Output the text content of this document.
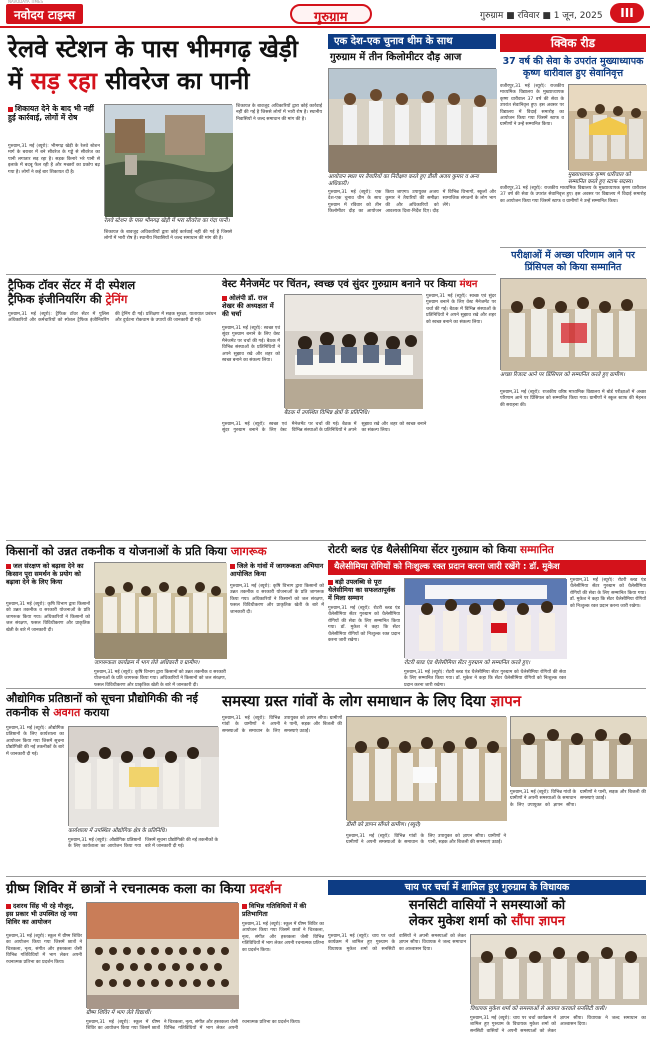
नवोदय टाइम्स
NAVODAYA TIMES
गुरुग्राम	गुरुग्राम ■ रविवार ■ 1 जून, 2025	III
रेलवे स्टेशन के पास भीमगढ़ खेड़ी
में सड़ रहा सीवरेज का पानी
शिकायत देने के बाद भी नहीं हुई कार्रवाई, लोगों में रोष
गुरुग्राम,31 मई (ब्यूरो): भीमगढ़ खेड़ी के रेलवे स्टेशन मार्ग के बराबर में बने सीवरेज के गड्ढे से सीवरेज का पानी लगातार सड़ रहा है। सड़क किनारे भरे पानी से इलाके में बदबू फैल रही है और मच्छरों का प्रकोप बढ़ गया है। लोगों ने कई बार शिकायत दी है।
रेलवे स्टेशन के पास भीमगढ़ खेड़ी में भरा सीवरेज का गंदा पानी।
शिकायत के बावजूद अधिकारियों द्वारा कोई कार्रवाई नहीं की गई है जिससे लोगों में भारी रोष है। स्थानीय निवासियों ने जल्द समाधान की मांग की है।
शिकायत के बावजूद अधिकारियों द्वारा कोई कार्रवाई नहीं की गई है जिससे लोगों में भारी रोष है। स्थानीय निवासियों ने जल्द समाधान की मांग की है।
एक देश-एक चुनाव थीम के साथ
गुरुग्राम में तीन किलोमीटर दौड़ आज
आयोजन स्थल पर तैयारियों का निरीक्षण करते हुए डीसी अजय कुमार व अन्य अधिकारी।
गुरुग्राम,31 मई (ब्यूरो): एक देश-एक चुनाव थीम के साथ गुरुग्राम में रविवार को तीन किलोमीटर दौड़ का आयोजन किया जाएगा। उपायुक्त अजय कुमार ने तैयारियों की समीक्षा की और अधिकारियों को आवश्यक दिशा-निर्देश दिए। दौड़ में विभिन्न विभागों, स्कूलों और सामाजिक संगठनों के लोग भाग लेंगे।
क्विक रीड
37 वर्ष की सेवा के उपरांत मुख्याध्यापक कृष्ण धारीवाल हुए सेवानिवृत्त
वजीरपुर,31 मई (ब्यूरो): राजकीय माध्यमिक विद्यालय के मुख्याध्यापक कृष्ण धारीवाल 37 वर्ष की सेवा के उपरांत सेवानिवृत्त हुए। इस अवसर पर विद्यालय में विदाई समारोह का आयोजन किया गया जिसमें स्टाफ व ग्रामीणों ने उन्हें सम्मानित किया।
मुख्याध्यापक कृष्ण धारीवाल को सम्मानित करते हुए स्टाफ सदस्य।
वजीरपुर,31 मई (ब्यूरो): राजकीय माध्यमिक विद्यालय के मुख्याध्यापक कृष्ण धारीवाल 37 वर्ष की सेवा के उपरांत सेवानिवृत्त हुए। इस अवसर पर विद्यालय में विदाई समारोह का आयोजन किया गया जिसमें स्टाफ व ग्रामीणों ने उन्हें सम्मानित किया।
परीक्षाओं में अच्छा परिणाम आने पर प्रिंसिपल को किया सम्मानित
अच्छा रिजल्ट आने पर प्रिंसिपल को सम्मानित करते हुए ग्रामीण।
गुरुग्राम,31 मई (ब्यूरो): राजकीय वरिष्ठ माध्यमिक विद्यालय में बोर्ड परीक्षाओं में अच्छा परिणाम आने पर प्रिंसिपल को सम्मानित किया गया। ग्रामीणों ने स्कूल स्टाफ की मेहनत की सराहना की।
ट्रैफिक टॉवर सेंटर में दी स्पेशल
ट्रैफिक इंजीनियरिंग की ट्रेनिंग
गुरुग्राम,31 मई (ब्यूरो): ट्रैफिक टॉवर सेंटर में पुलिस अधिकारियों और कर्मचारियों को स्पेशल ट्रैफिक इंजीनियरिंग की ट्रेनिंग दी गई। प्रशिक्षण में सड़क सुरक्षा, यातायात प्रबंधन और दुर्घटना रोकथाम के उपायों की जानकारी दी गई।
वेस्ट मैनेजमेंट पर चिंतन, स्वच्छ एवं सुंदर गुरुग्राम बनाने पर किया मंथन
ओलंपी डॉ. राज शेखर की अध्यक्षता में की चर्चा
गुरुग्राम,31 मई (ब्यूरो): स्वच्छ एवं सुंदर गुरुग्राम बनाने के लिए वेस्ट मैनेजमेंट पर चर्चा की गई। बैठक में विभिन्न संस्थाओं के प्रतिनिधियों ने अपने सुझाव रखे और शहर को स्वच्छ बनाने का संकल्प लिया।
गुरुग्राम,31 मई (ब्यूरो): स्वच्छ एवं सुंदर गुरुग्राम बनाने के लिए वेस्ट मैनेजमेंट पर चर्चा की गई। बैठक में विभिन्न संस्थाओं के प्रतिनिधियों ने अपने सुझाव रखे और शहर को स्वच्छ बनाने का संकल्प लिया।
बैठक में उपस्थित विभिन्न क्षेत्रों के प्रतिनिधि।
गुरुग्राम,31 मई (ब्यूरो): स्वच्छ एवं सुंदर गुरुग्राम बनाने के लिए वेस्ट मैनेजमेंट पर चर्चा की गई। बैठक में विभिन्न संस्थाओं के प्रतिनिधियों ने अपने सुझाव रखे और शहर को स्वच्छ बनाने का संकल्प लिया।
किसानों को उन्नत तकनीक व योजनाओं के प्रति किया जागरूक
जल संरक्षण को बढ़ावा देने का किसान पूरा समर्थन के प्रयोग को बढ़ावा देने के लिए किया
गुरुग्राम,31 मई (ब्यूरो): कृषि विभाग द्वारा किसानों को उन्नत तकनीक व सरकारी योजनाओं के प्रति जागरूक किया गया। अधिकारियों ने किसानों को जल संरक्षण, फसल विविधीकरण और प्राकृतिक खेती के बारे में जानकारी दी।
जागरूकता कार्यक्रम में भाग लेते अधिकारी व ग्रामीण।
गुरुग्राम,31 मई (ब्यूरो): कृषि विभाग द्वारा किसानों को उन्नत तकनीक व सरकारी योजनाओं के प्रति जागरूक किया गया। अधिकारियों ने किसानों को जल संरक्षण, फसल विविधीकरण और प्राकृतिक खेती के बारे में जानकारी दी।
जिले के गांवों में जागरूकता अभियान आयोजित किया
गुरुग्राम,31 मई (ब्यूरो): कृषि विभाग द्वारा किसानों को उन्नत तकनीक व सरकारी योजनाओं के प्रति जागरूक किया गया। अधिकारियों ने किसानों को जल संरक्षण, फसल विविधीकरण और प्राकृतिक खेती के बारे में जानकारी दी।
रोटरी ब्लड एंड थैलेसीमिया सेंटर गुरुग्राम को किया सम्मानित
थैलेसीमिया रोगियों को निःशुल्क रक्त प्रदान करना जारी रखेंगे : डॉ. मुकेश
बड़ी उपलब्धि से पूरा थैलेसीमिया का सफलतापूर्वक में मिला सम्मान
गुरुग्राम,31 मई (ब्यूरो): रोटरी ब्लड एंड थैलेसीमिया सेंटर गुरुग्राम को थैलेसीमिया रोगियों की सेवा के लिए सम्मानित किया गया। डॉ. मुकेश ने कहा कि सेंटर थैलेसीमिया रोगियों को निःशुल्क रक्त प्रदान करना जारी रखेगा।
रोटरी ब्लड एंड थैलेसीमिया सेंटर गुरुग्राम को सम्मानित करते हुए।
गुरुग्राम,31 मई (ब्यूरो): रोटरी ब्लड एंड थैलेसीमिया सेंटर गुरुग्राम को थैलेसीमिया रोगियों की सेवा के लिए सम्मानित किया गया। डॉ. मुकेश ने कहा कि सेंटर थैलेसीमिया रोगियों को निःशुल्क रक्त प्रदान करना जारी रखेगा।
गुरुग्राम,31 मई (ब्यूरो): रोटरी ब्लड एंड थैलेसीमिया सेंटर गुरुग्राम को थैलेसीमिया रोगियों की सेवा के लिए सम्मानित किया गया। डॉ. मुकेश ने कहा कि सेंटर थैलेसीमिया रोगियों को निःशुल्क रक्त प्रदान करना जारी रखेगा।
औद्योगिक प्रतिष्ठानों को सूचना प्रौद्योगिकी की नई तकनीक से अवगत कराया
गुरुग्राम,31 मई (ब्यूरो): औद्योगिक प्रतिष्ठानों के लिए कार्यशाला का आयोजन किया गया जिसमें सूचना प्रौद्योगिकी की नई तकनीकों के बारे में जानकारी दी गई।
कार्यशाला में उपस्थित औद्योगिक क्षेत्र के प्रतिनिधि।
गुरुग्राम,31 मई (ब्यूरो): औद्योगिक प्रतिष्ठानों के लिए कार्यशाला का आयोजन किया गया जिसमें सूचना प्रौद्योगिकी की नई तकनीकों के बारे में जानकारी दी गई।
समस्या ग्रस्त गांवों के लोग समाधान के लिए दिया ज्ञापन
गुरुग्राम,31 मई (ब्यूरो): विभिन्न गांवों के ग्रामीणों ने अपनी समस्याओं के समाधान के लिए उपायुक्त को ज्ञापन सौंपा। ग्रामीणों ने पानी, सड़क और बिजली की समस्याएं उठाईं।
डीसी को ज्ञापन सौंपते ग्रामीण। (ब्यूरो)
गुरुग्राम,31 मई (ब्यूरो): विभिन्न गांवों के ग्रामीणों ने अपनी समस्याओं के समाधान के लिए उपायुक्त को ज्ञापन सौंपा। ग्रामीणों ने पानी, सड़क और बिजली की समस्याएं उठाईं।
गुरुग्राम,31 मई (ब्यूरो): विभिन्न गांवों के ग्रामीणों ने अपनी समस्याओं के समाधान के लिए उपायुक्त को ज्ञापन सौंपा। ग्रामीणों ने पानी, सड़क और बिजली की समस्याएं उठाईं।
ग्रीष्म शिविर में छात्रों ने रचनात्मक कला का किया प्रदर्शन
दशरथ सिंह भी रहे मौजूद, इस प्रकार भी उपस्थित रहे नया शिविर का आयोजन
गुरुग्राम,31 मई (ब्यूरो): स्कूल में ग्रीष्म शिविर का आयोजन किया गया जिसमें छात्रों ने चित्रकला, नृत्य, संगीत और हस्तकला जैसी विभिन्न गतिविधियों में भाग लेकर अपनी रचनात्मक प्रतिभा का प्रदर्शन किया।
ग्रीष्म शिविर में भाग लेते विद्यार्थी।
गुरुग्राम,31 मई (ब्यूरो): स्कूल में ग्रीष्म शिविर का आयोजन किया गया जिसमें छात्रों ने चित्रकला, नृत्य, संगीत और हस्तकला जैसी विभिन्न गतिविधियों में भाग लेकर अपनी रचनात्मक प्रतिभा का प्रदर्शन किया।
विभिन्न गतिविधियों में की प्रतिभागिता
गुरुग्राम,31 मई (ब्यूरो): स्कूल में ग्रीष्म शिविर का आयोजन किया गया जिसमें छात्रों ने चित्रकला, नृत्य, संगीत और हस्तकला जैसी विभिन्न गतिविधियों में भाग लेकर अपनी रचनात्मक प्रतिभा का प्रदर्शन किया।
चाय पर चर्चा में शामिल हुए गुरुग्राम के विधायक
सनसिटी वासियों ने समस्याओं को
लेकर मुकेश शर्मा को सौंपा ज्ञापन
गुरुग्राम,31 मई (ब्यूरो): चाय पर चर्चा कार्यक्रम में शामिल हुए गुरुग्राम के विधायक मुकेश शर्मा को सनसिटी वासियों ने अपनी समस्याओं को लेकर ज्ञापन सौंपा। विधायक ने जल्द समाधान का आश्वासन दिया।
विधायक मुकेश शर्मा को समस्याओं से अवगत करवाते सनसिटी वासी।
गुरुग्राम,31 मई (ब्यूरो): चाय पर चर्चा कार्यक्रम में शामिल हुए गुरुग्राम के विधायक मुकेश शर्मा को सनसिटी वासियों ने अपनी समस्याओं को लेकर ज्ञापन सौंपा। विधायक ने जल्द समाधान का आश्वासन दिया।
